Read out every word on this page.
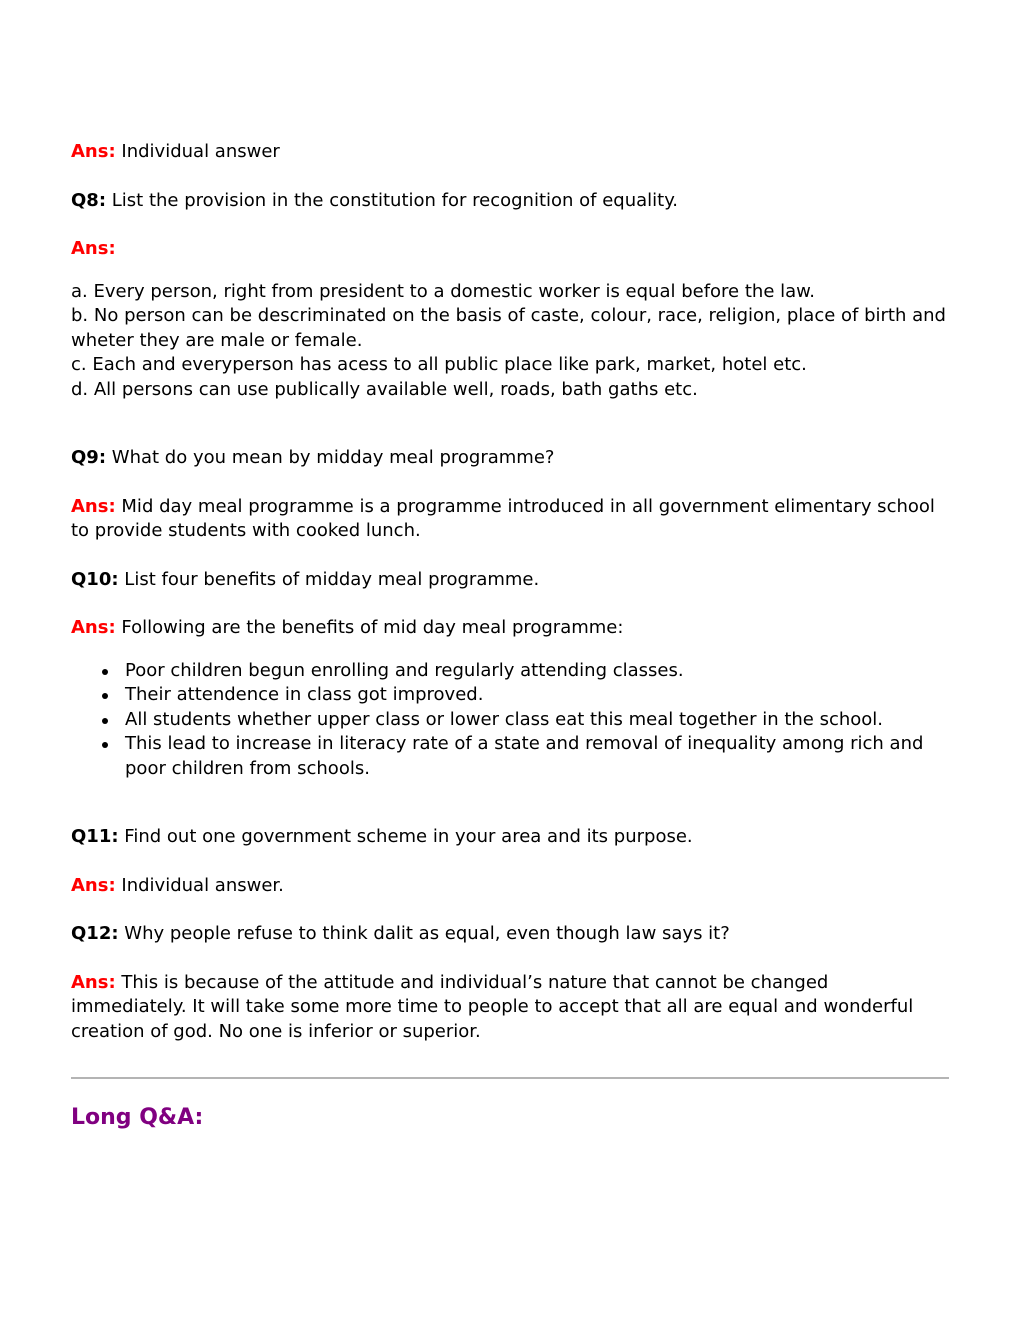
Ans: Individual answer

Q8: List the provision in the constitution for recognition of equality.

Ans:

a. Every person, right from president to a domestic worker is equal before the law.

b. No person can be descriminated on the basis of caste, colour, race, religion, place of birth and wheter they are male or female.

c. Each and everyperson has acess to all public place like park, market, hotel etc.

d. All persons can use publically available well, roads, bath gaths etc.

Q9: What do you mean by midday meal programme?

Ans: Mid day meal programme is a programme introduced in all government elimentary school to provide students with cooked lunch.

Q10: List four benefits of midday meal programme.

Ans: Following are the benefits of mid day meal programme:

Poor children begun enrolling and regularly attending classes.
Their attendence in class got improved.
All students whether upper class or lower class eat this meal together in the school.
This lead to increase in literacy rate of a state and removal of inequality among rich and poor children from schools.

Q11: Find out one government scheme in your area and its purpose.

Ans: Individual answer.

Q12: Why people refuse to think dalit as equal, even though law says it?

Ans: This is because of the attitude and individual’s nature that cannot be changed immediately. It will take some more time to people to accept that all are equal and wonderful creation of god. No one is inferior or superior.

Long Q&A:
